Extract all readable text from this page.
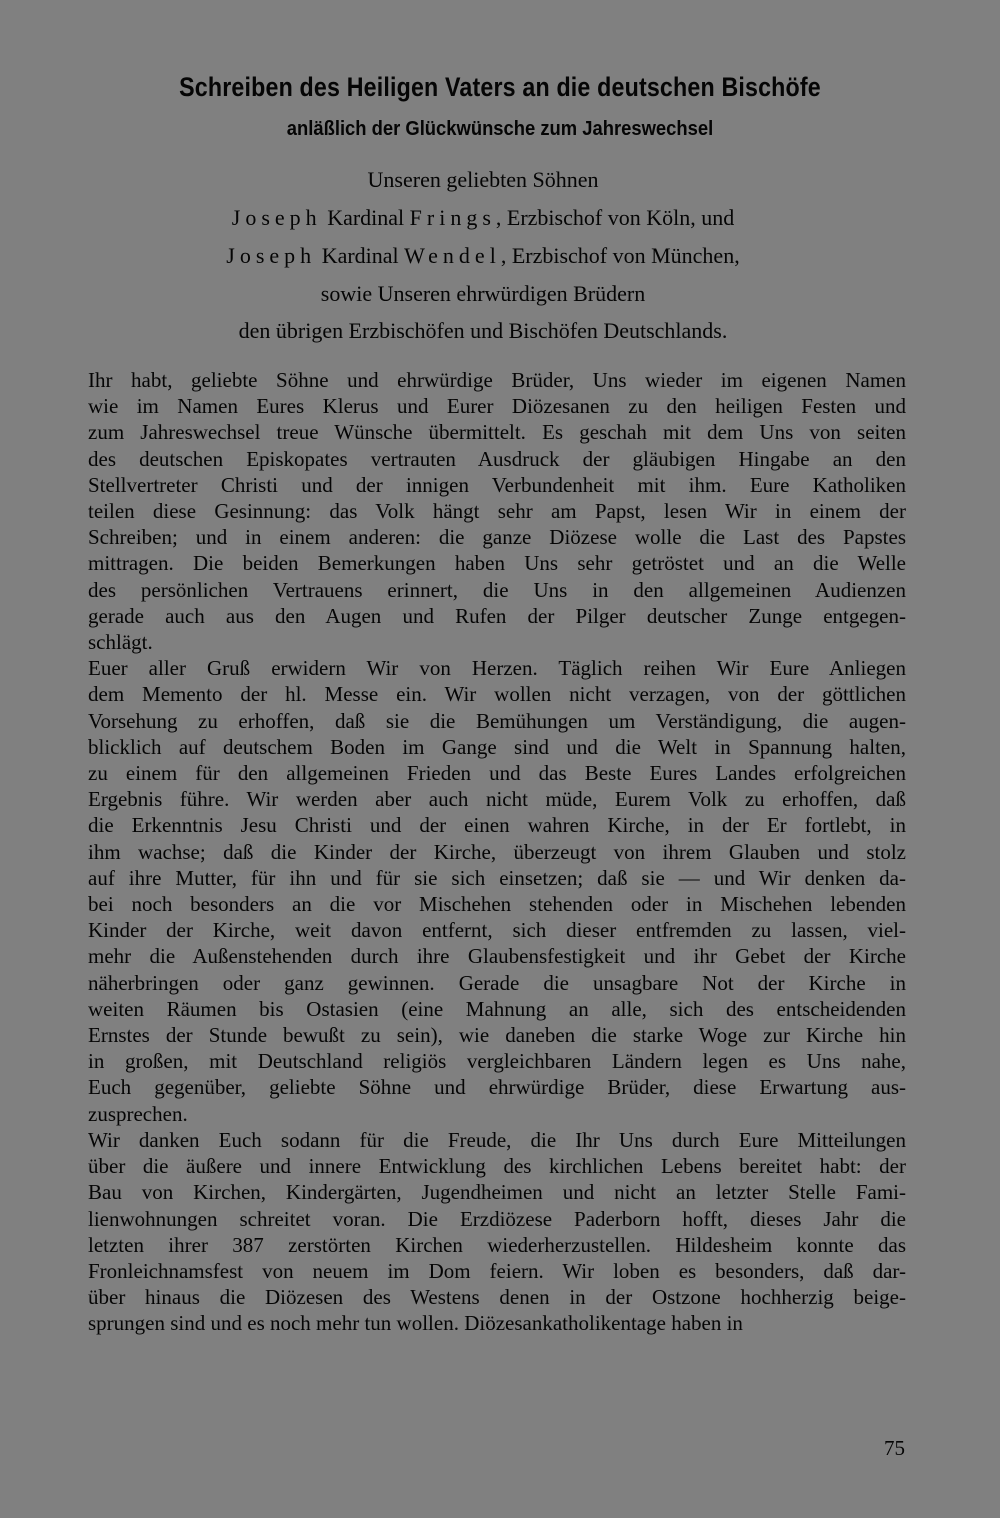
Schreiben des Heiligen Vaters an die deutschen Bischöfe
anläßlich der Glückwünsche zum Jahreswechsel
Unseren geliebten Söhnen
Joseph Kardinal Frings, Erzbischof von Köln, und
Joseph Kardinal Wendel, Erzbischof von München,
sowie Unseren ehrwürdigen Brüdern
den übrigen Erzbischöfen und Bischöfen Deutschlands.
Ihr habt, geliebte Söhne und ehrwürdige Brüder, Uns wieder im eigenen Namen
wie im Namen Eures Klerus und Eurer Diözesanen zu den heiligen Festen und
zum Jahreswechsel treue Wünsche übermittelt. Es geschah mit dem Uns von seiten
des deutschen Episkopates vertrauten Ausdruck der gläubigen Hingabe an den
Stellvertreter Christi und der innigen Verbundenheit mit ihm. Eure Katholiken
teilen diese Gesinnung: das Volk hängt sehr am Papst, lesen Wir in einem der
Schreiben; und in einem anderen: die ganze Diözese wolle die Last des Papstes
mittragen. Die beiden Bemerkungen haben Uns sehr getröstet und an die Welle
des persönlichen Vertrauens erinnert, die Uns in den allgemeinen Audienzen
gerade auch aus den Augen und Rufen der Pilger deutscher Zunge entgegen-
schlägt.
Euer aller Gruß erwidern Wir von Herzen. Täglich reihen Wir Eure Anliegen
dem Memento der hl. Messe ein. Wir wollen nicht verzagen, von der göttlichen
Vorsehung zu erhoffen, daß sie die Bemühungen um Verständigung, die augen-
blicklich auf deutschem Boden im Gange sind und die Welt in Spannung halten,
zu einem für den allgemeinen Frieden und das Beste Eures Landes erfolgreichen
Ergebnis führe. Wir werden aber auch nicht müde, Eurem Volk zu erhoffen, daß
die Erkenntnis Jesu Christi und der einen wahren Kirche, in der Er fortlebt, in
ihm wachse; daß die Kinder der Kirche, überzeugt von ihrem Glauben und stolz
auf ihre Mutter, für ihn und für sie sich einsetzen; daß sie — und Wir denken da-
bei noch besonders an die vor Mischehen stehenden oder in Mischehen lebenden
Kinder der Kirche, weit davon entfernt, sich dieser entfremden zu lassen, viel-
mehr die Außenstehenden durch ihre Glaubensfestigkeit und ihr Gebet der Kirche
näherbringen oder ganz gewinnen. Gerade die unsagbare Not der Kirche in
weiten Räumen bis Ostasien (eine Mahnung an alle, sich des entscheidenden
Ernstes der Stunde bewußt zu sein), wie daneben die starke Woge zur Kirche hin
in großen, mit Deutschland religiös vergleichbaren Ländern legen es Uns nahe,
Euch gegenüber, geliebte Söhne und ehrwürdige Brüder, diese Erwartung aus-
zusprechen.
Wir danken Euch sodann für die Freude, die Ihr Uns durch Eure Mitteilungen
über die äußere und innere Entwicklung des kirchlichen Lebens bereitet habt: der
Bau von Kirchen, Kindergärten, Jugendheimen und nicht an letzter Stelle Fami-
lienwohnungen schreitet voran. Die Erzdiözese Paderborn hofft, dieses Jahr die
letzten ihrer 387 zerstörten Kirchen wiederherzustellen. Hildesheim konnte das
Fronleichnamsfest von neuem im Dom feiern. Wir loben es besonders, daß dar-
über hinaus die Diözesen des Westens denen in der Ostzone hochherzig beige-
sprungen sind und es noch mehr tun wollen. Diözesankatholikentage haben in
75
